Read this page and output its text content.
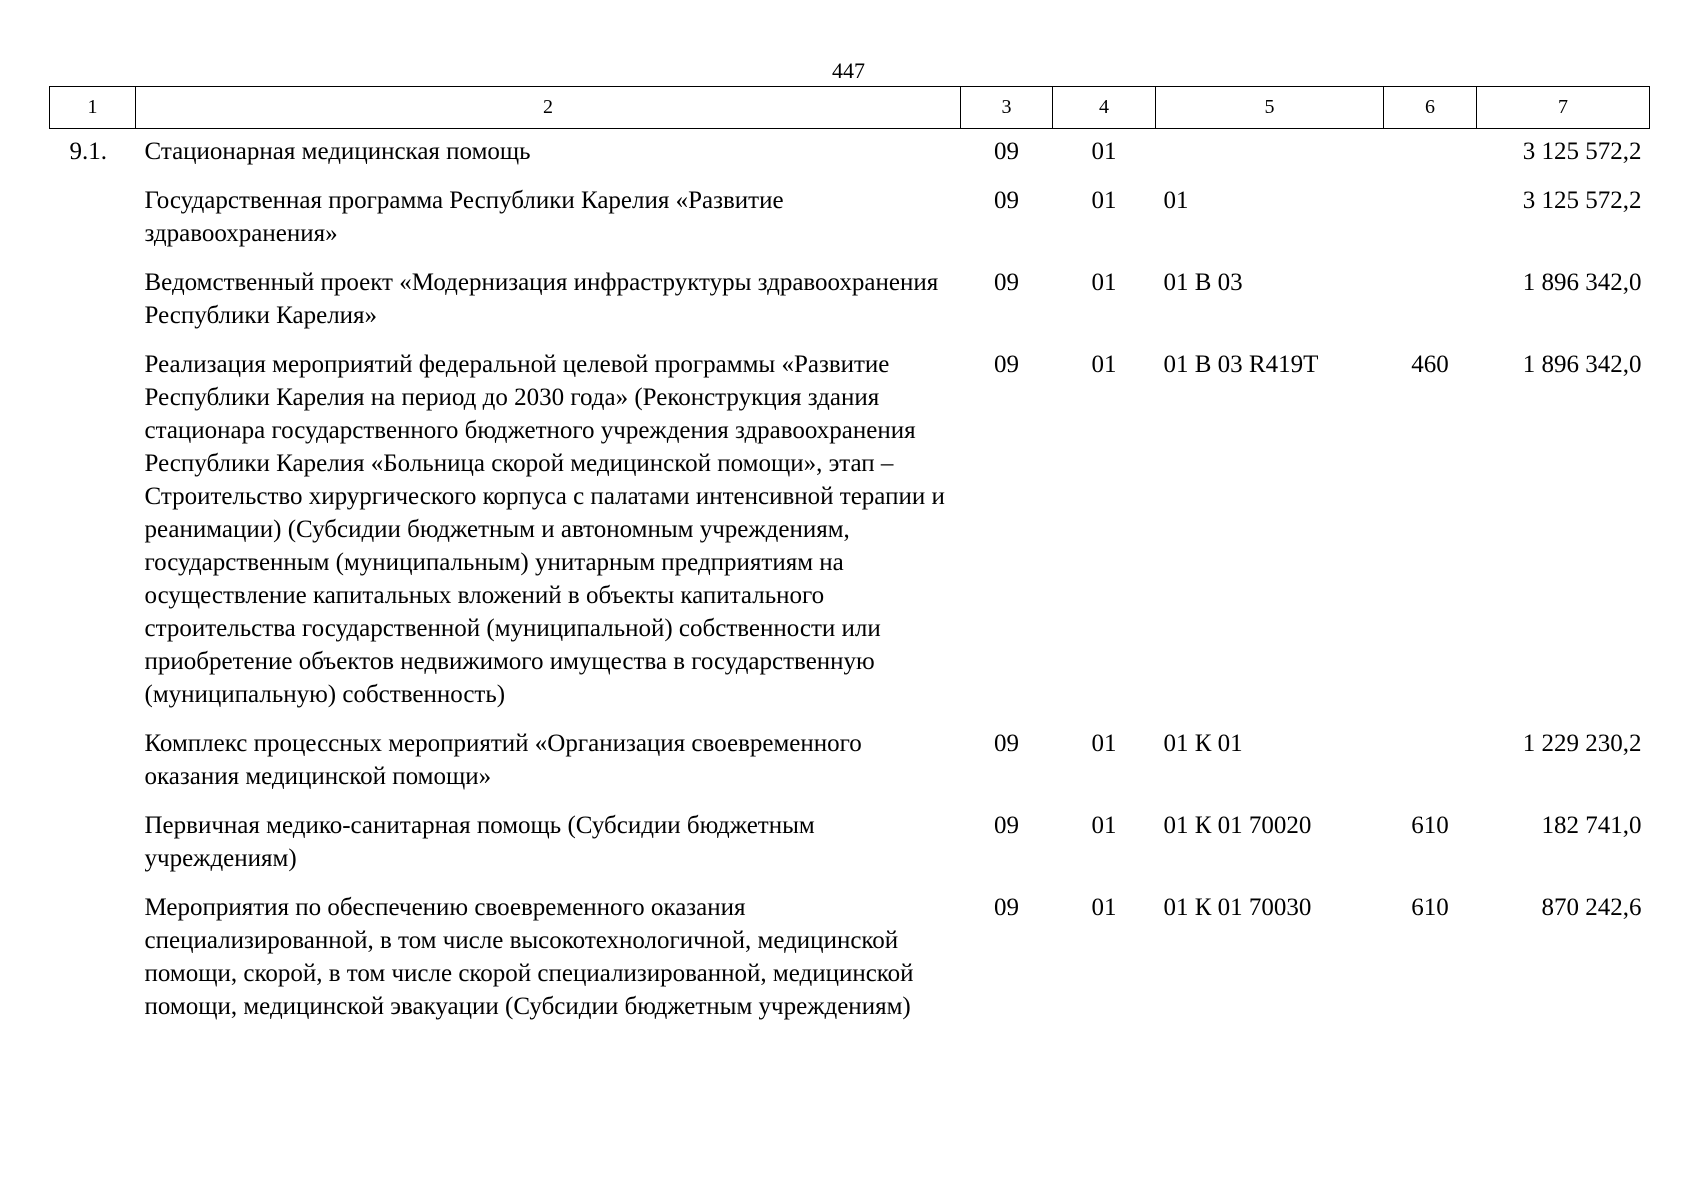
447
1	2	3	4	5	6	7
9.1.	Стационарная медицинская помощь	09	01			3 125 572,2
	Государственная программа Республики Карелия «Развитие здравоохранения»	09	01	01		3 125 572,2
	Ведомственный проект «Модернизация инфраструктуры здравоохранения Республики Карелия»	09	01	01 В 03		1 896 342,0
	Реализация мероприятий федеральной целевой программы «Развитие Республики Карелия на период до 2030 года» (Реконструкция здания стационара государственного бюджетного учреждения здравоохранения Республики Карелия «Больница скорой медицинской помощи», этап – Строительство хирургического корпуса с палатами интенсивной терапии и реанимации) (Субсидии бюджетным и автономным учреждениям, государственным (муниципальным) унитарным предприятиям на осуществление капитальных вложений в объекты капитального строительства государственной (муниципальной) собственности или приобретение объектов недвижимого имущества в государственную (муниципальную) собственность)	09	01	01 В 03 R419T	460	1 896 342,0
	Комплекс процессных мероприятий «Организация своевременного оказания медицинской помощи»	09	01	01 К 01		1 229 230,2
	Первичная медико-санитарная помощь (Субсидии бюджетным учреждениям)	09	01	01 К 01 70020	610	182 741,0
	Мероприятия по обеспечению своевременного оказания специализированной, в том числе высокотехнологичной, медицинской помощи, скорой, в том числе скорой специализированной, медицинской помощи, медицинской эвакуации (Субсидии бюджетным учреждениям)	09	01	01 К 01 70030	610	870 242,6
